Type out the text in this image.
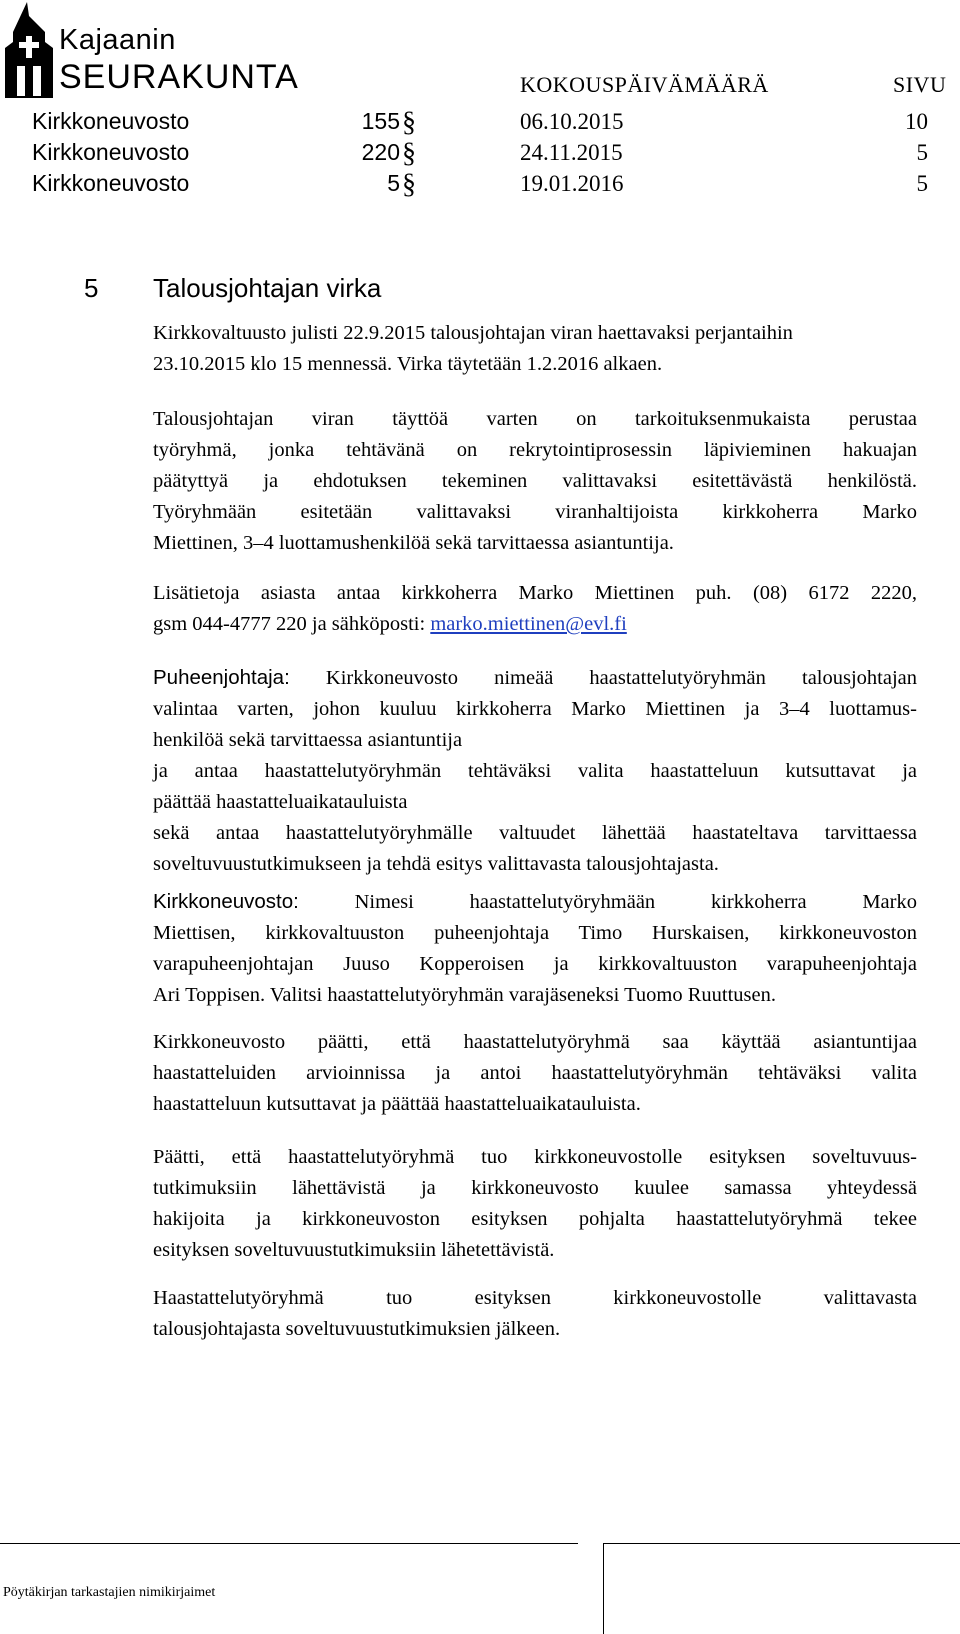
Kajaanin
SEURAKUNTA	KOKOUSPÄIVÄMÄÄRÄ	SIVU
Kirkkoneuvosto	155 §	06.10.2015	10
Kirkkoneuvosto	220 §	24.11.2015	5
Kirkkoneuvosto	5 §	19.01.2016	5
5 Talousjohtajan virka
Kirkkovaltuusto julisti 22.9.2015 talousjohtajan viran haettavaksi perjantaihin
23.10.2015 klo 15 mennessä. Virka täytetään 1.2.2016 alkaen.
Talousjohtajan viran täyttöä varten on tarkoituksenmukaista perustaa
työryhmä, jonka tehtävänä on rekrytointiprosessin läpivieminen hakuajan
päätyttyä ja ehdotuksen tekeminen valittavaksi esitettävästä henkilöstä.
Työryhmään esitetään valittavaksi viranhaltijoista kirkkoherra Marko
Miettinen, 3–4 luottamushenkilöä sekä tarvittaessa asiantuntija.
Lisätietoja asiasta antaa kirkkoherra Marko Miettinen puh. (08) 6172 2220,
gsm 044-4777 220 ja sähköposti: marko.miettinen@evl.fi
Puheenjohtaja: Kirkkoneuvosto nimeää haastattelutyöryhmän talousjohtajan
valintaa varten, johon kuuluu kirkkoherra Marko Miettinen ja 3–4 luottamus-
henkilöä sekä tarvittaessa asiantuntija
ja antaa haastattelutyöryhmän tehtäväksi valita haastatteluun kutsuttavat ja
päättää haastatteluaikatauluista
sekä antaa haastattelutyöryhmälle valtuudet lähettää haastateltava tarvittaessa
soveltuvuustutkimukseen ja tehdä esitys valittavasta talousjohtajasta.
Kirkkoneuvosto:	Nimesi haastattelutyöryhmään kirkkoherra Marko
Miettisen, kirkkovaltuuston puheenjohtaja Timo Hurskaisen, kirkkoneuvoston
varapuheenjohtajan Juuso Kopperoisen ja kirkkovaltuuston varapuheenjohtaja
Ari Toppisen. Valitsi haastattelutyöryhmän varajäseneksi Tuomo Ruuttusen.
Kirkkoneuvosto päätti, että haastattelutyöryhmä saa käyttää asiantuntijaa
haastatteluiden arvioinnissa ja antoi haastattelutyöryhmän tehtäväksi valita
haastatteluun kutsuttavat ja päättää haastatteluaikatauluista.
Päätti, että haastattelutyöryhmä tuo kirkkoneuvostolle esityksen soveltuvuus-
tutkimuksiin lähettävistä ja kirkkoneuvosto kuulee samassa yhteydessä
hakijoita ja kirkkoneuvoston esityksen pohjalta haastattelutyöryhmä tekee
esityksen soveltuvuustutkimuksiin lähetettävistä.
Haastattelutyöryhmä tuo esityksen kirkkoneuvostolle valittavasta
talousjohtajasta soveltuvuustutkimuksien jälkeen.
Pöytäkirjan tarkastajien nimikirjaimet
